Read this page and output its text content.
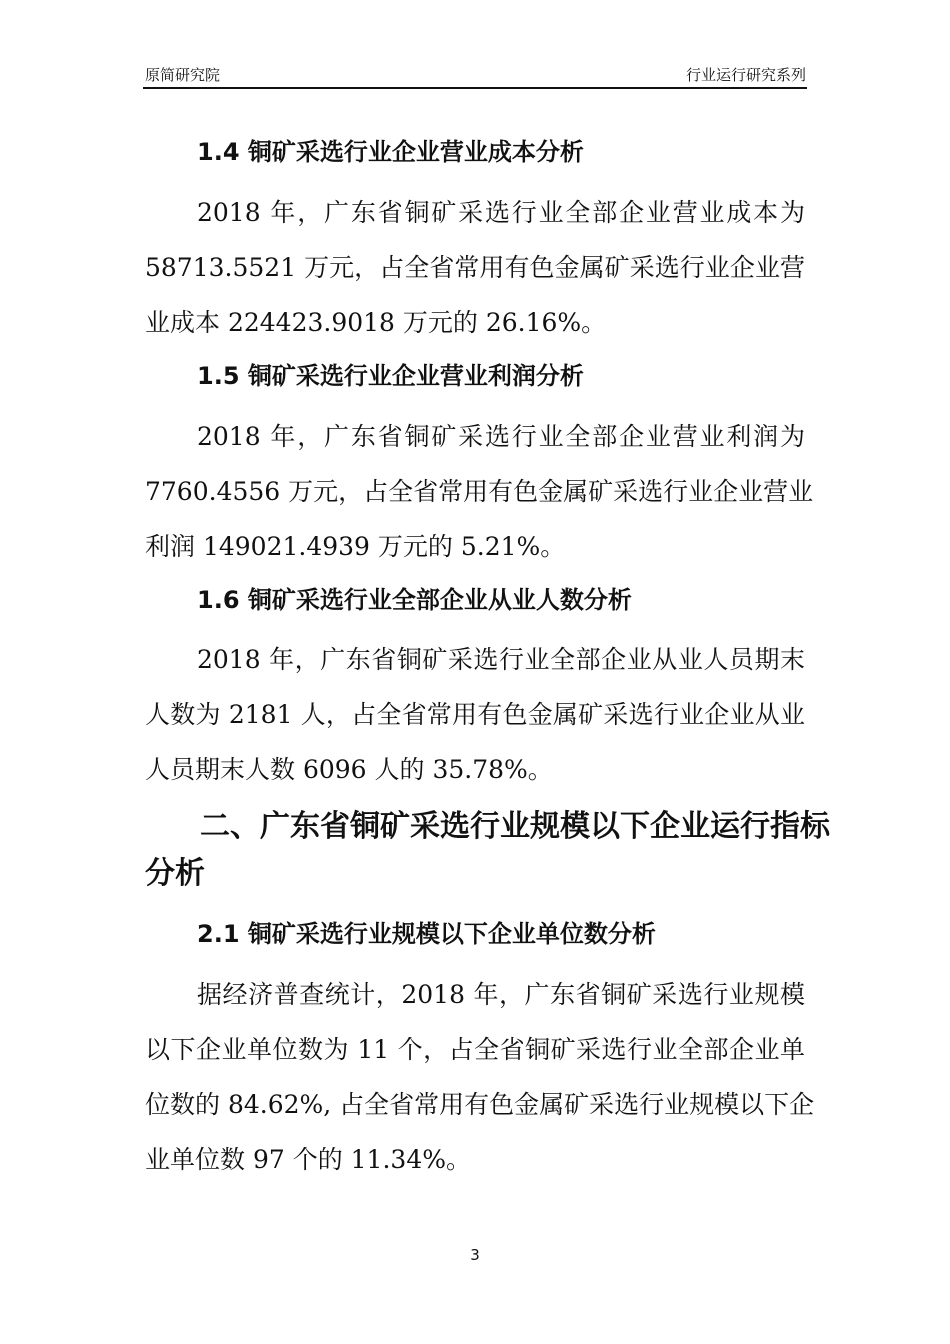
原简研究院	行业运行研究系列
1.4 铜矿采选行业企业营业成本分析
2018 年，广东省铜矿采选行业全部企业营业成本为
58713.5521 万元，占全省常用有色金属矿采选行业企业营
业成本 224423.9018 万元的 26.16%。
1.5 铜矿采选行业企业营业利润分析
2018 年，广东省铜矿采选行业全部企业营业利润为
7760.4556 万元，占全省常用有色金属矿采选行业企业营业
利润 149021.4939 万元的 5.21%。
1.6 铜矿采选行业全部企业从业人数分析
2018 年，广东省铜矿采选行业全部企业从业人员期末
人数为 2181 人，占全省常用有色金属矿采选行业企业从业
人员期末人数 6096 人的 35.78%。
二、广东省铜矿采选行业规模以下企业运行指标
分析
2.1 铜矿采选行业规模以下企业单位数分析
据经济普查统计，2018 年，广东省铜矿采选行业规模
以下企业单位数为 11 个，占全省铜矿采选行业全部企业单
位数的 84.62%, 占全省常用有色金属矿采选行业规模以下企
业单位数 97 个的 11.34%。
3
